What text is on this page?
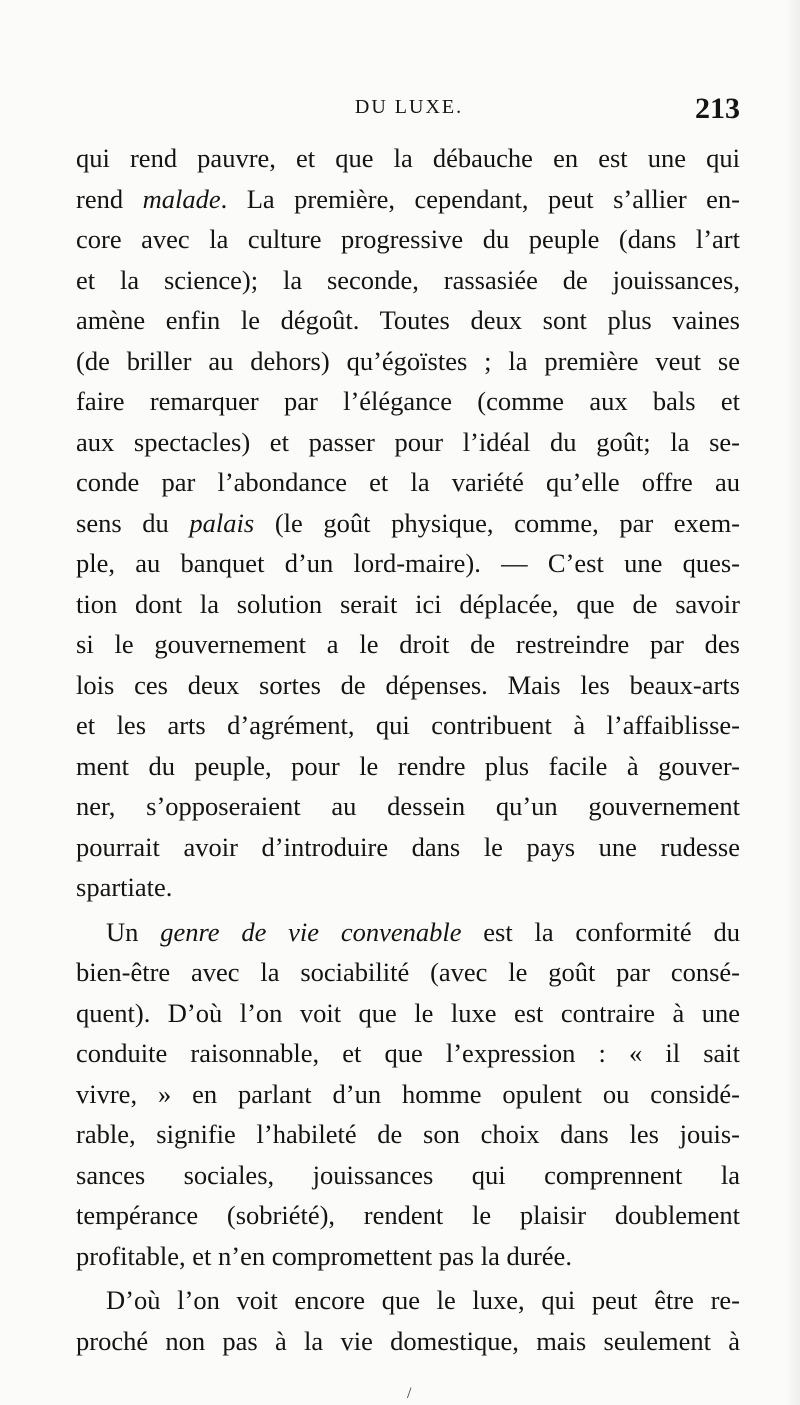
DU LUXE.	213
qui rend pauvre, et que la débauche en est une qui
rend malade. La première, cependant, peut s’allier en-
core avec la culture progressive du peuple (dans l’art
et la science); la seconde, rassasiée de jouissances,
amène enfin le dégoût. Toutes deux sont plus vaines
(de briller au dehors) qu’égoïstes ; la première veut se
faire remarquer par l’élégance (comme aux bals et
aux spectacles) et passer pour l’idéal du goût; la se-
conde par l’abondance et la variété qu’elle offre au
sens du palais (le goût physique, comme, par exem-
ple, au banquet d’un lord-maire). — C’est une ques-
tion dont la solution serait ici déplacée, que de savoir
si le gouvernement a le droit de restreindre par des
lois ces deux sortes de dépenses. Mais les beaux-arts
et les arts d’agrément, qui contribuent à l’affaiblisse-
ment du peuple, pour le rendre plus facile à gouver-
ner, s’opposeraient au dessein qu’un gouvernement
pourrait avoir d’introduire dans le pays une rudesse
spartiate.
Un genre de vie convenable est la conformité du
bien-être avec la sociabilité (avec le goût par consé-
quent). D’où l’on voit que le luxe est contraire à une
conduite raisonnable, et que l’expression : « il sait
vivre, » en parlant d’un homme opulent ou considé-
rable, signifie l’habileté de son choix dans les jouis-
sances sociales, jouissances qui comprennent la
tempérance (sobriété), rendent le plaisir doublement
profitable, et n’en compromettent pas la durée.
D’où l’on voit encore que le luxe, qui peut être re-
proché non pas à la vie domestique, mais seulement à
/
